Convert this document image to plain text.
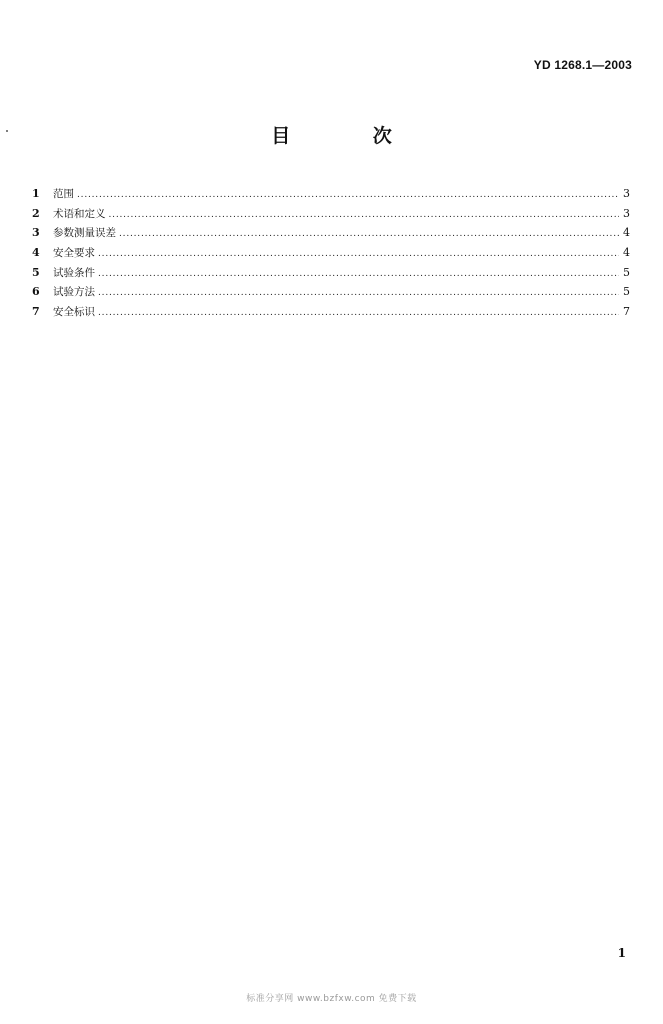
YD 1268.1—2003
目 次
1	范围 .....	3
2	术语和定义 .....	3
3	参数测量误差 .....	4
4	安全要求 .....	4
5	试验条件 .....	5
6	试验方法 .....	5
7	安全标识 .....	7
1
标准分享网 www.bzfxw.com 免费下载
